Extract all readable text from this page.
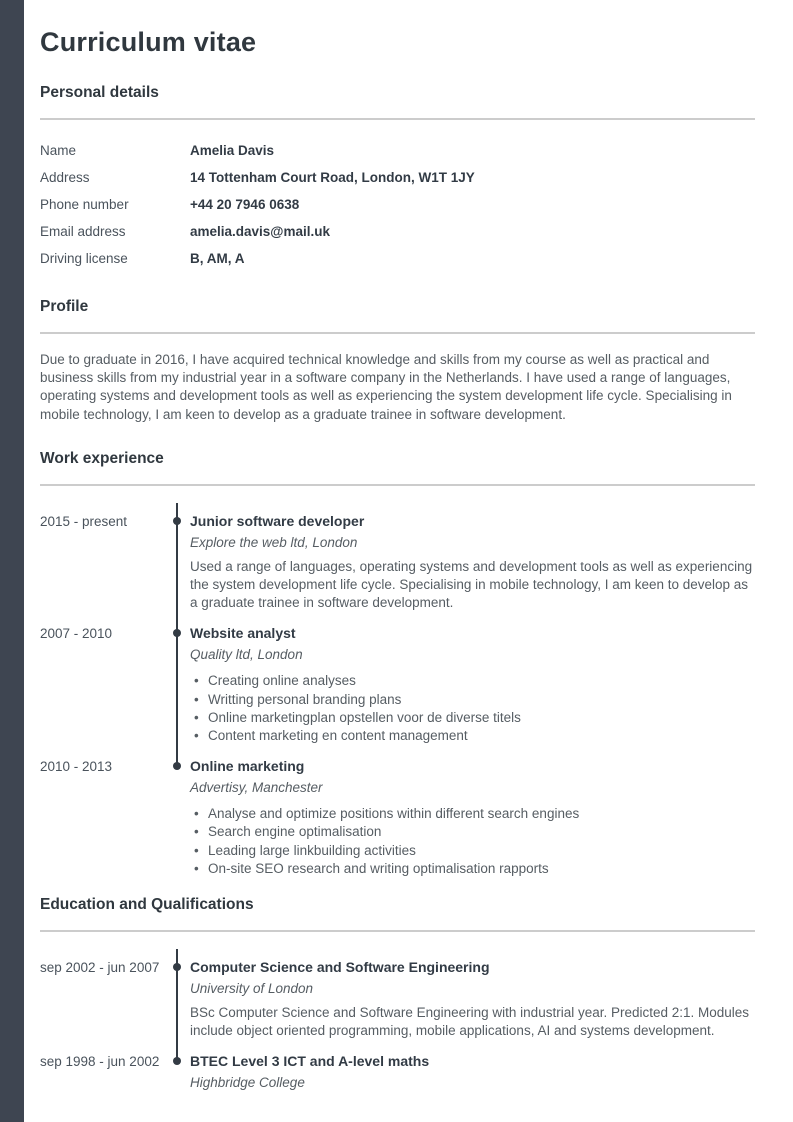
Curriculum vitae
Personal details
Name	Amelia Davis
Address	14 Tottenham Court Road, London, W1T 1JY
Phone number	+44 20 7946 0638
Email address	amelia.davis@mail.uk
Driving license	B, AM, A
Profile

Due to graduate in 2016, I have acquired technical knowledge and skills from my course as well as practical and business skills from my industrial year in a software company in the Netherlands. I have used a range of languages, operating systems and development tools as well as experiencing the system development life cycle. Specialising in mobile technology, I am keen to develop as a graduate trainee in software development.

Work experience
2015 - present	Junior software developer
Explore the web ltd, London

Used a range of languages, operating systems and development tools as well as experiencing the system development life cycle. Specialising in mobile technology, I am keen to develop as a graduate trainee in software development.

2007 - 2010	Website analyst
Quality ltd, London
• Creating online analyses
• Writting personal branding plans
• Online marketingplan opstellen voor de diverse titels
• Content marketing en content management
2010 - 2013	Online marketing
Advertisy, Manchester
• Analyse and optimize positions within different search engines
• Search engine optimalisation
• Leading large linkbuilding activities
• On-site SEO research and writing optimalisation rapports
Education and Qualifications
sep 2002 - jun 2007	Computer Science and Software Engineering
University of London

BSc Computer Science and Software Engineering with industrial year. Predicted 2:1. Modules include object oriented programming, mobile applications, AI and systems development.

sep 1998 - jun 2002	BTEC Level 3 ICT and A-level maths
Highbridge College
